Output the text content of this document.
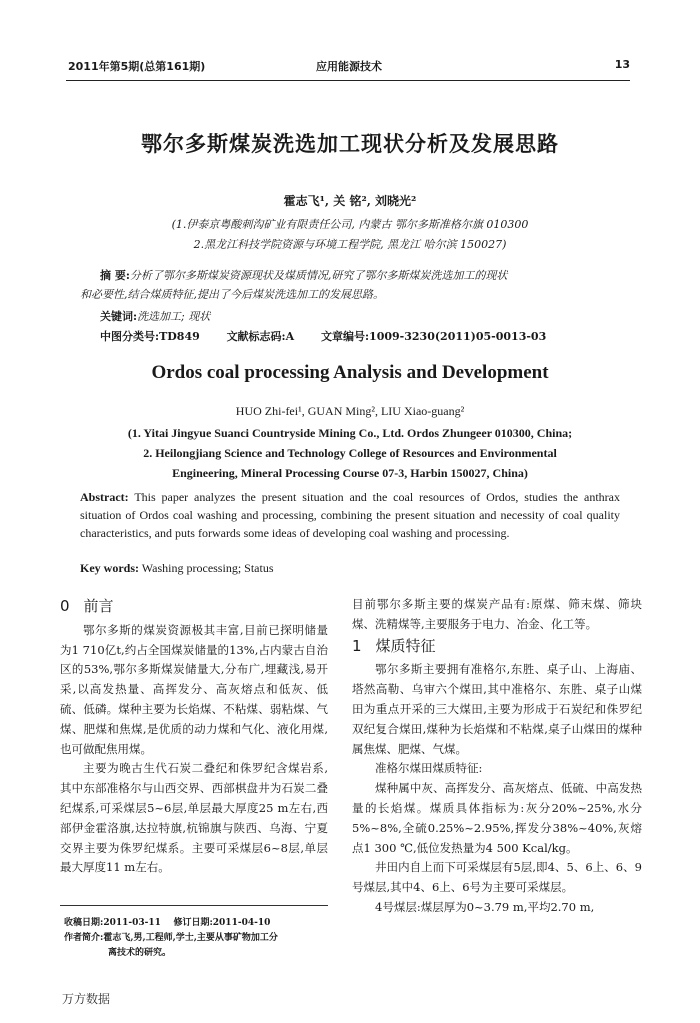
2011年第5期(总第161期)	应用能源技术	13
鄂尔多斯煤炭洗选加工现状分析及发展思路
霍志飞¹, 关 铭², 刘晓光²
(1.伊泰京粤酸刺沟矿业有限责任公司, 内蒙古 鄂尔多斯准格尔旗 010300
2.黑龙江科技学院资源与环境工程学院, 黑龙江 哈尔滨 150027)
摘 要:分析了鄂尔多斯煤炭资源现状及煤质情况,研究了鄂尔多斯煤炭洗选加工的现状
和必要性,结合煤质特征,提出了今后煤炭洗选加工的发展思路。
关键词:洗选加工; 现状
中图分类号:TD849 文献标志码:A 文章编号:1009-3230(2011)05-0013-03
Ordos coal processing Analysis and Development
HUO Zhi-fei¹, GUAN Ming², LIU Xiao-guang²
(1. Yitai Jingyue Suanci Countryside Mining Co., Ltd. Ordos Zhungeer 010300, China;
2. Heilongjiang Science and Technology College of Resources and Environmental
Engineering, Mineral Processing Course 07-3, Harbin 150027, China)
Abstract: This paper analyzes the present situation and the coal resources of Ordos, studies the anthrax situation of Ordos coal washing and processing, combining the present situation and necessity of coal quality characteristics, and puts forwards some ideas of developing coal washing and processing.
Key words: Washing processing; Status

0 前言

鄂尔多斯的煤炭资源极其丰富,目前已探明储量为1 710亿t,约占全国煤炭储量的13%,占内蒙古自治区的53%,鄂尔多斯煤炭储量大,分布广,埋藏浅,易开采,以高发热量、高挥发分、高灰熔点和低灰、低硫、低磷。煤种主要为长焰煤、不粘煤、弱粘煤、气煤、肥煤和焦煤,是优质的动力煤和气化、液化用煤,也可做配焦用煤。

主要为晚古生代石炭二叠纪和侏罗纪含煤岩系,其中东部准格尔与山西交界、西部棋盘井为石炭二叠纪煤系,可采煤层5~6层,单层最大厚度25 m左右,西部伊金霍洛旗,达拉特旗,杭锦旗与陕西、乌海、宁夏交界主要为侏罗纪煤系。主要可采煤层6~8层,单层最大厚度11 m左右。

目前鄂尔多斯主要的煤炭产品有:原煤、筛末煤、筛块煤、洗精煤等,主要服务于电力、冶金、化工等。

1 煤质特征

鄂尔多斯主要拥有准格尔,东胜、桌子山、上海庙、塔然高勒、乌审六个煤田,其中准格尔、东胜、桌子山煤田为重点开采的三大煤田,主要为形成于石炭纪和侏罗纪双纪复合煤田,煤种为长焰煤和不粘煤,桌子山煤田的煤种属焦煤、肥煤、气煤。

准格尔煤田煤质特征:

煤种属中灰、高挥发分、高灰熔点、低硫、中高发热量的长焰煤。煤质具体指标为:灰分20%~25%,水分5%~8%,全硫0.25%~2.95%,挥发分38%~40%,灰熔点1 300 ℃,低位发热量为4 500 Kcal/kg。

井田内自上而下可采煤层有5层,即4、5、6上、6、9号煤层,其中4、6上、6号为主要可采煤层。

4号煤层:煤层厚为0~3.79 m,平均2.70 m,

收稿日期:2011-03-11 修订日期:2011-04-10
作者简介:霍志飞,男,工程师,学士,主要从事矿物加工分
离技术的研究。
万方数据
